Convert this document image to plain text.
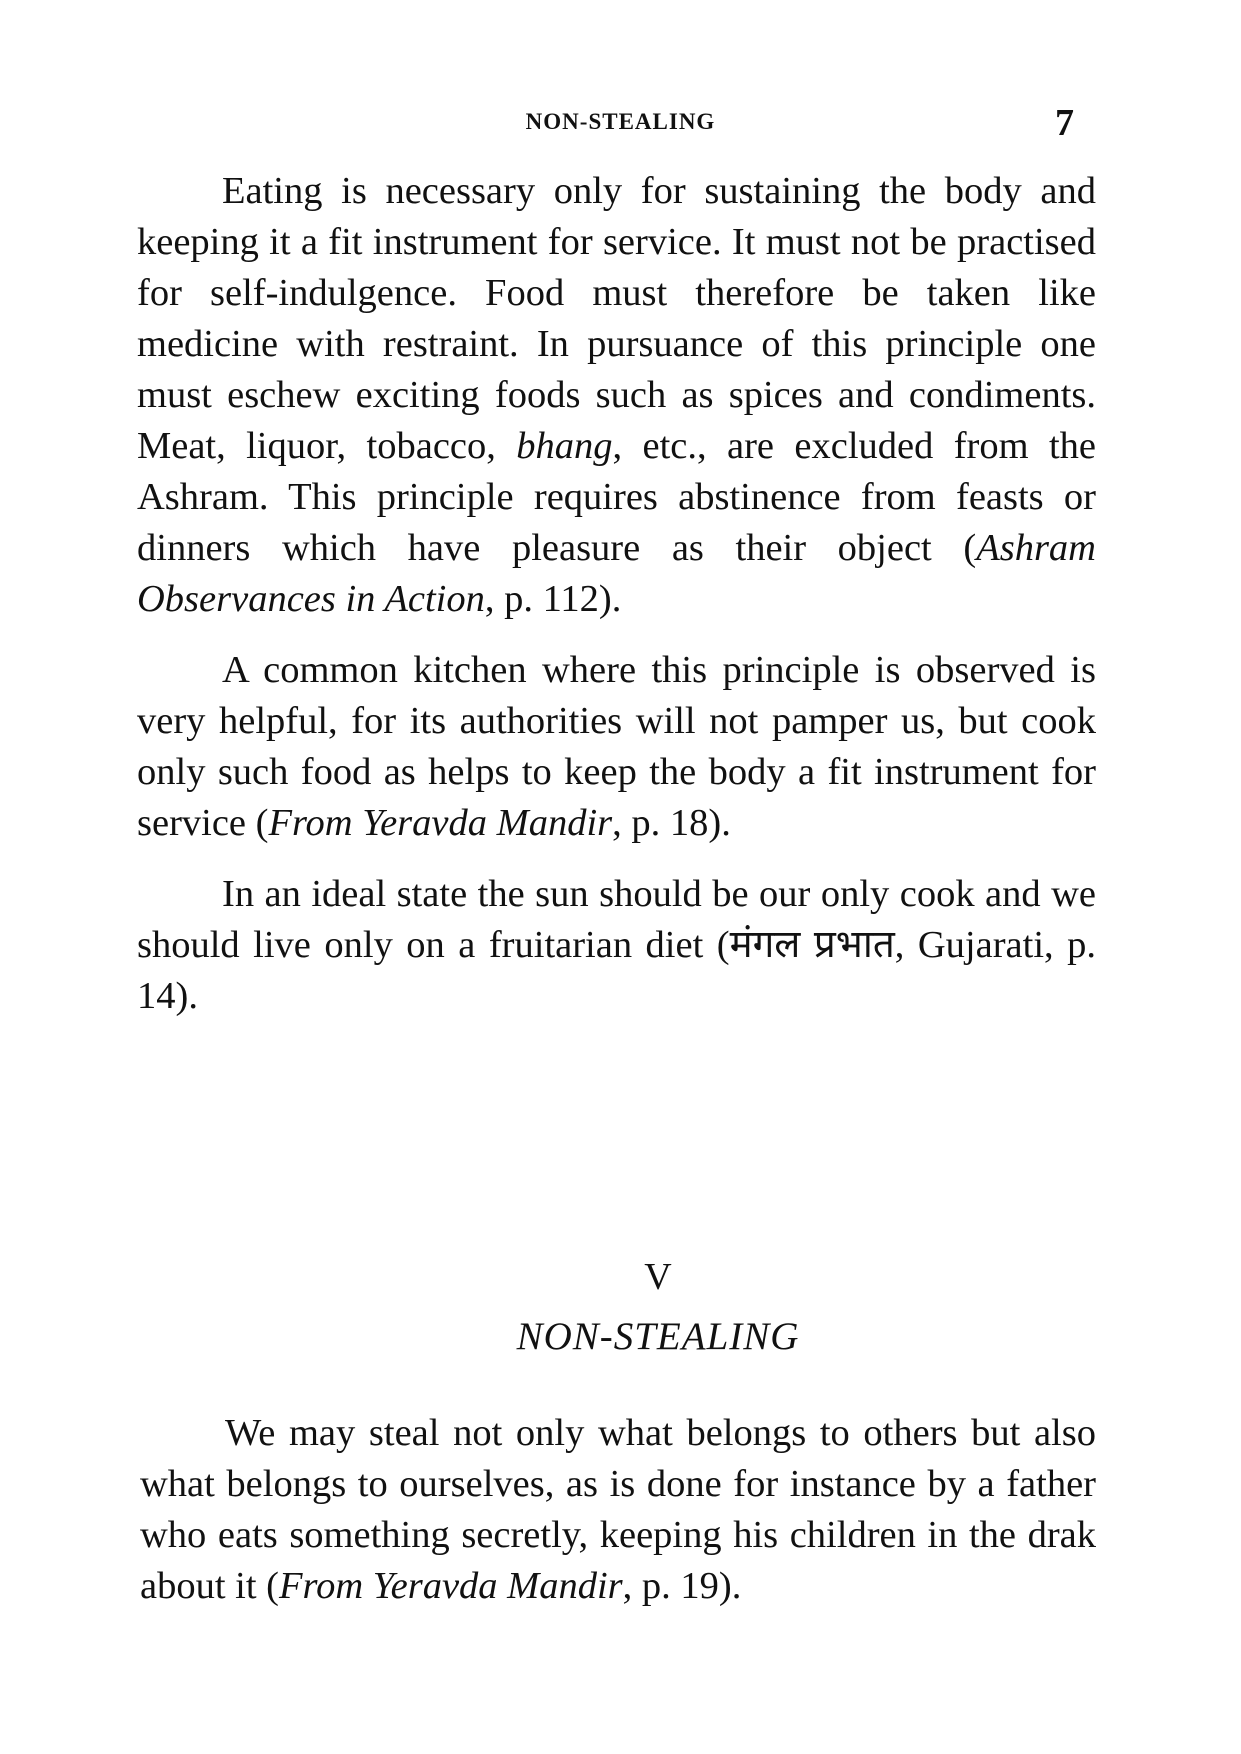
NON-STEALING	7

Eating is necessary only for sustaining the body and keeping it a fit instrument for service. It must not be practised for self-indulgence. Food must therefore be taken like medicine with restraint. In pursuance of this principle one must eschew exciting foods such as spices and condiments. Meat, liquor, tobacco, bhang, etc., are excluded from the Ashram. This principle requires abstinence from feasts or dinners which have pleasure as their object (Ashram Observances in Action, p. 112).

A common kitchen where this principle is observed is very helpful, for its authorities will not pamper us, but cook only such food as helps to keep the body a fit instrument for service (From Yeravda Mandir, p. 18).

In an ideal state the sun should be our only cook and we should live only on a fruitarian diet (मंगल प्रभात, Gujarati, p. 14).

V
NON-STEALING

We may steal not only what belongs to others but also what belongs to ourselves, as is done for instance by a father who eats something secretly, keeping his children in the drak about it (From Yeravda Mandir, p. 19).
